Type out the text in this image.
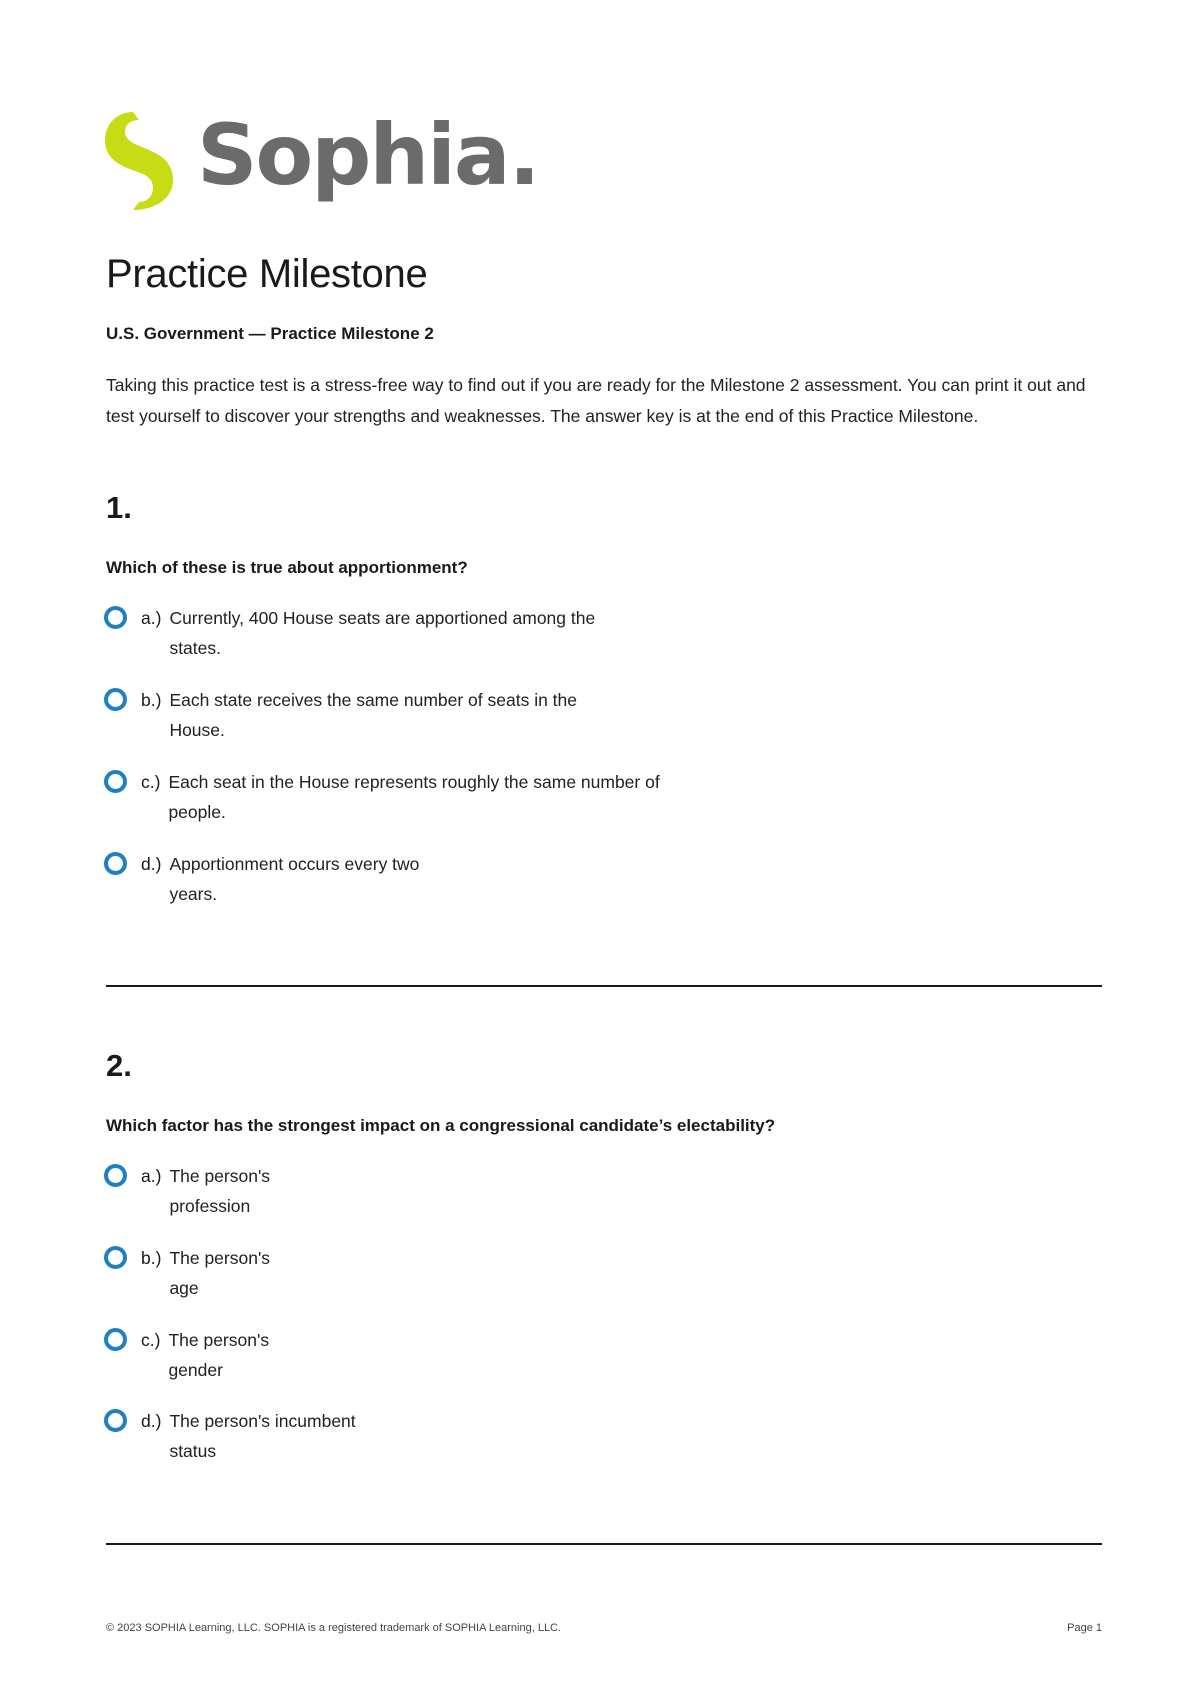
Sophia.
Practice Milestone

U.S. Government — Practice Milestone 2

Taking this practice test is a stress-free way to find out if you are ready for the Milestone 2 assessment. You can print it out and test yourself to discover your strengths and weaknesses. The answer key is at the end of this Practice Milestone.

1.

Which of these is true about apportionment?

a.) Currently, 400 House seats are apportioned among the
states.
b.) Each state receives the same number of seats in the
House.
c.) Each seat in the House represents roughly the same number of
people.
d.) Apportionment occurs every two
years.

2.

Which factor has the strongest impact on a congressional candidate’s electability?

a.) The person's
profession
b.) The person's
age
c.) The person's
gender
d.) The person's incumbent
status
© 2023 SOPHIA Learning, LLC. SOPHIA is a registered trademark of SOPHIA Learning, LLC.	Page 1
